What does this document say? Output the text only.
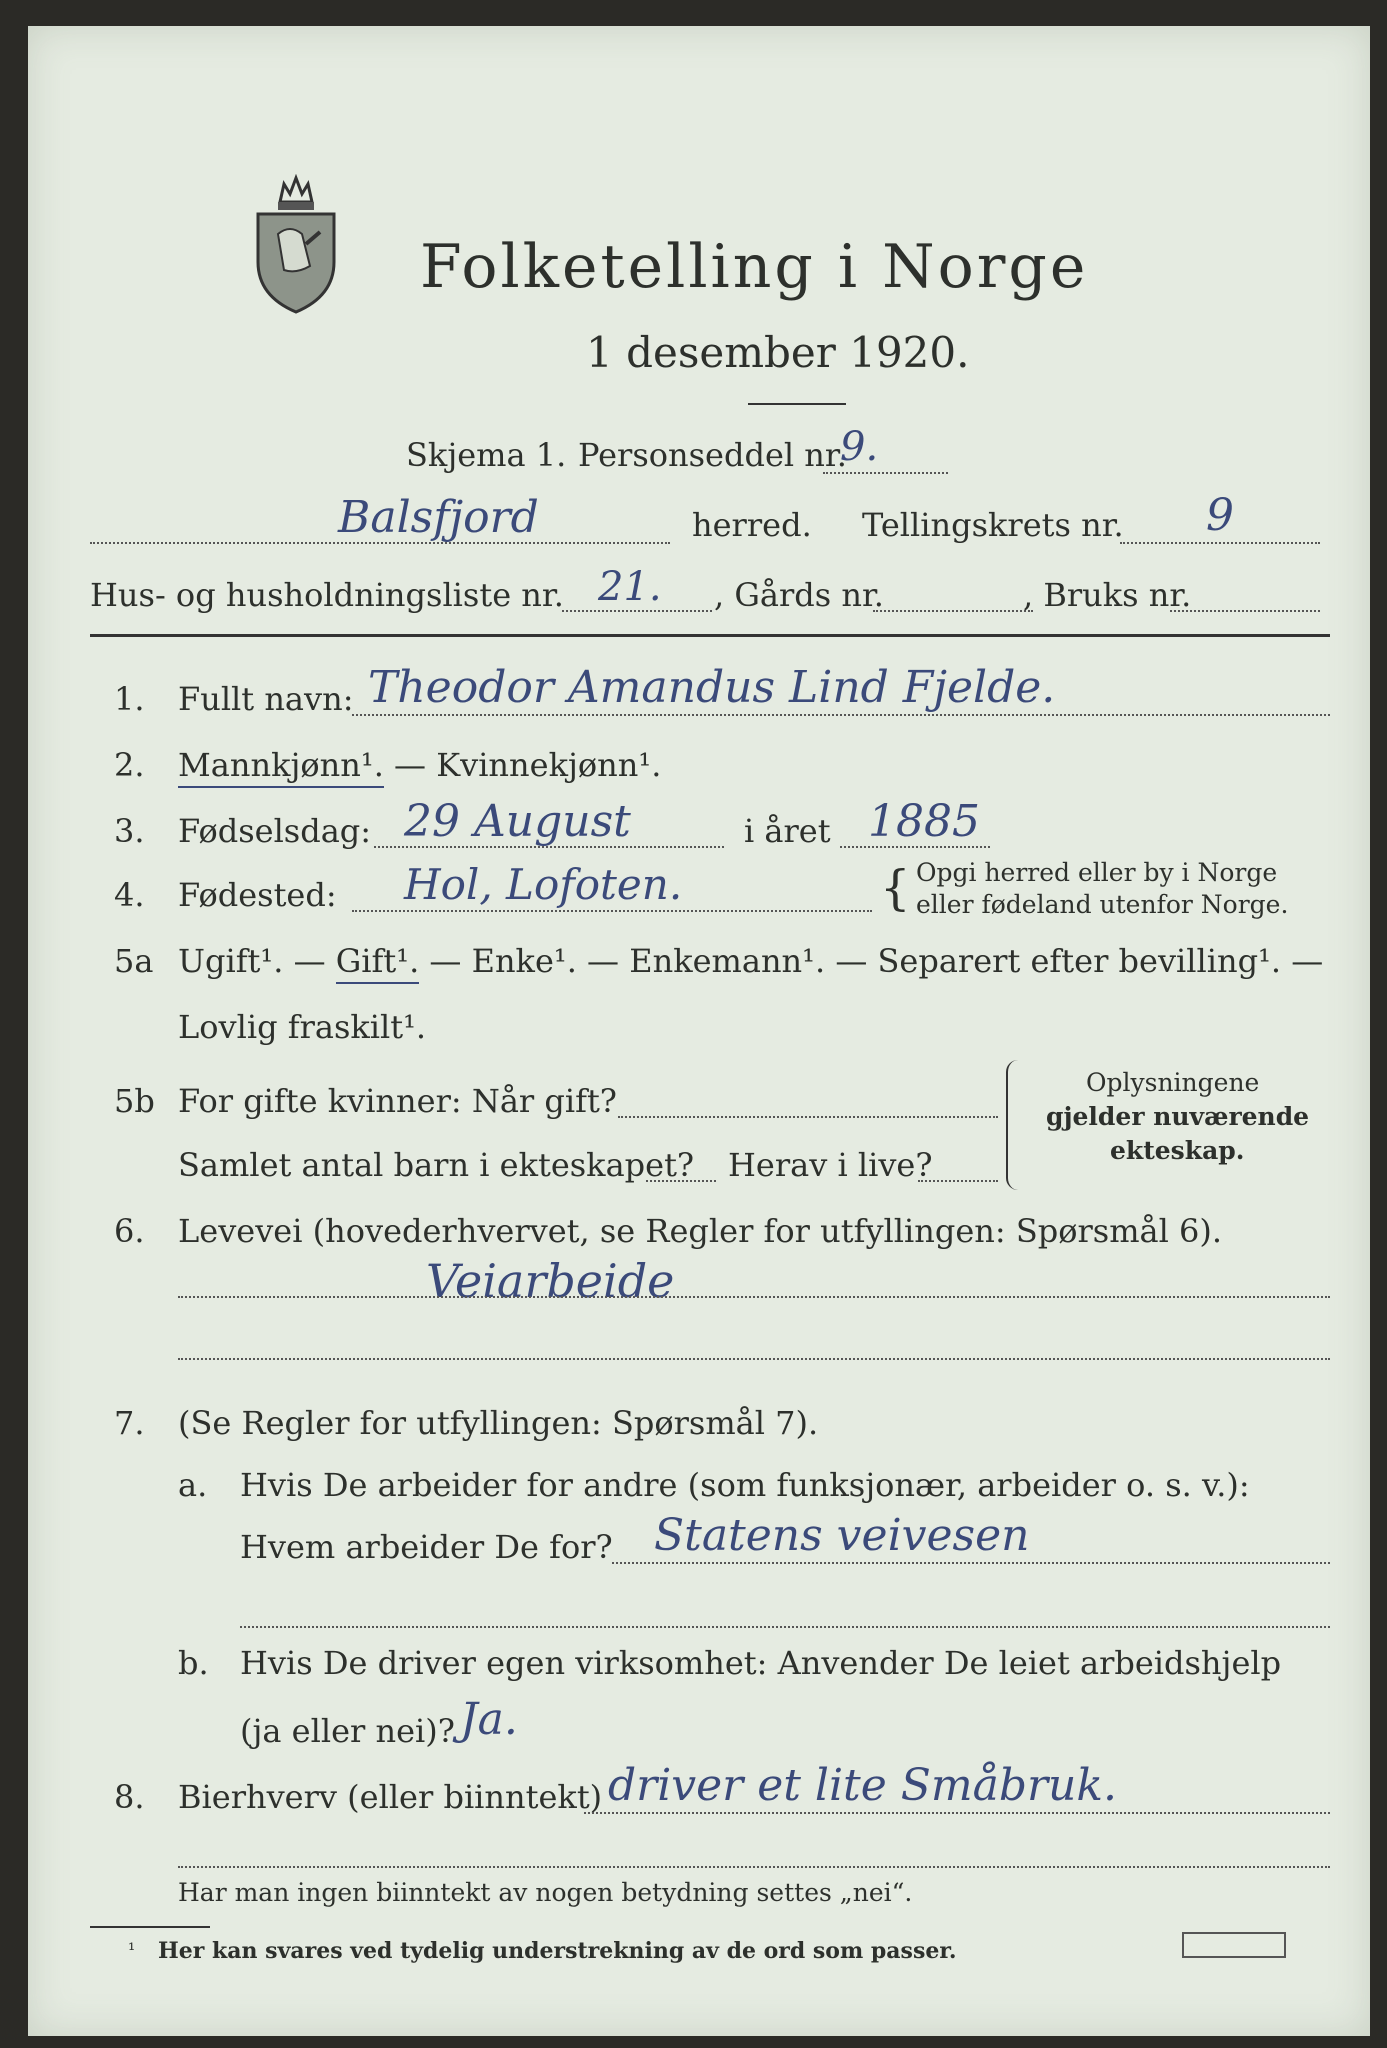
Folketelling i Norge
1 desember 1920.
Skjema 1. Personseddel nr.
9.
Balsfjord	herred. Tellingskrets nr. 9
Hus- og husholdningsliste nr. 21. , Gårds nr.	, Bruks nr.
1. Fullt navn: Theodor Amandus Lind Fjelde.
2. Mannkjønn¹. — Kvinnekjønn¹.
3. Fødselsdag: 29 August	i året 1885
4. Fødested: Hol, Lofoten.	{ Opgi herred eller by i Norge
eller fødeland utenfor Norge.
5a Ugift¹. — Gift¹. — Enke¹. — Enkemann¹. — Separert efter bevilling¹. —
Lovlig fraskilt¹.
5b For gifte kvinner: Når gift?
Samlet antal barn i ekteskapet? Herav i live?
Oplysningene
gjelder nuværende
ekteskap.
6. Levevei (hovederhvervet, se Regler for utfyllingen: Spørsmål 6).
Veiarbeide
7. (Se Regler for utfyllingen: Spørsmål 7).
a. Hvis De arbeider for andre (som funksjonær, arbeider o. s. v.):
Hvem arbeider De for? Statens veivesen
b. Hvis De driver egen virksomhet: Anvender De leiet arbeidshjelp
(ja eller nei)? Ja.
8. Bierhverv (eller biinntekt) driver et lite Småbruk.
Har man ingen biinntekt av nogen betydning settes „nei“.
¹ Her kan svares ved tydelig understrekning av de ord som passer.
